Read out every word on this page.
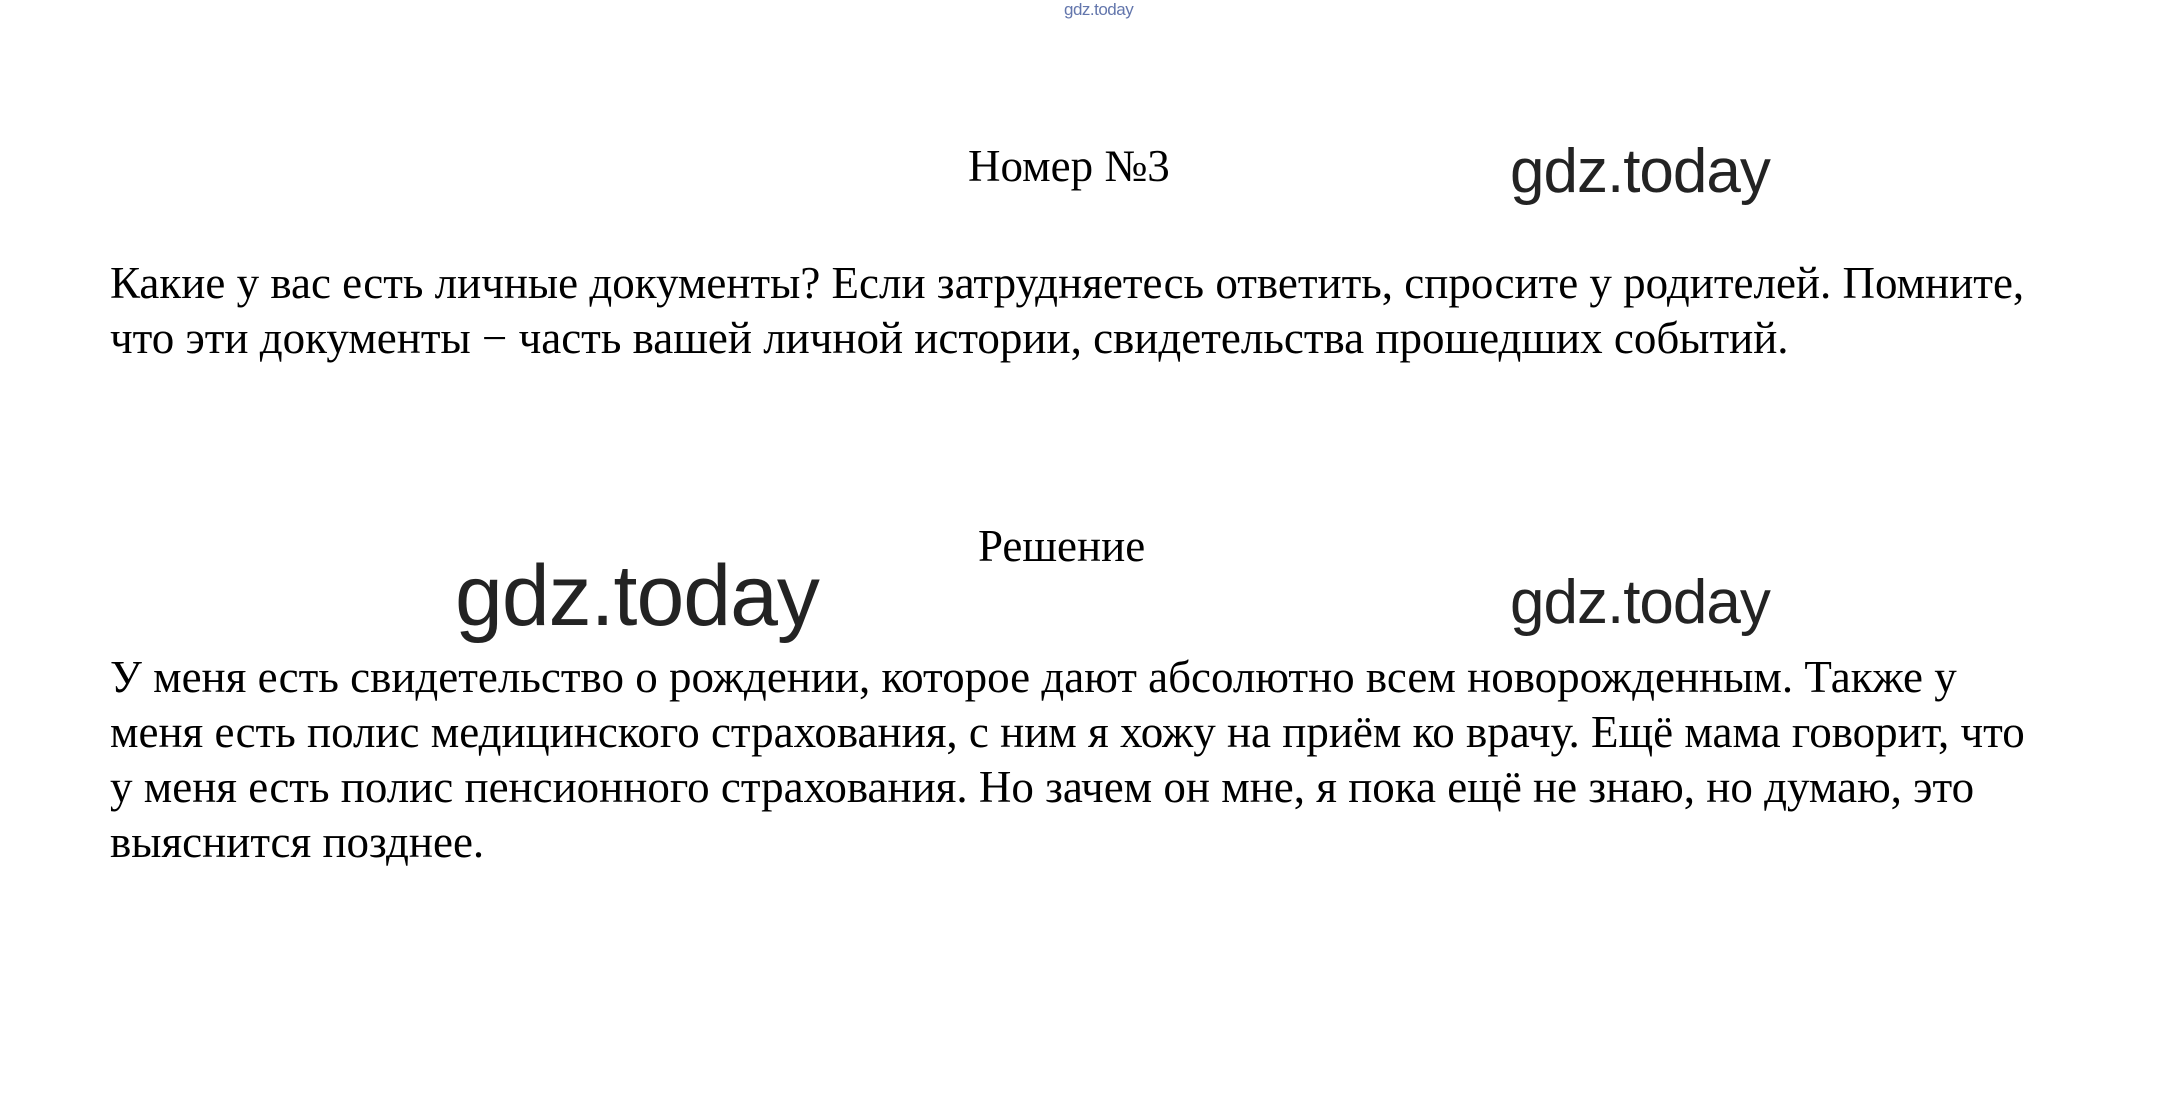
gdz.today
Номер №3	gdz.today
Какие у вас есть личные документы? Если затрудняетесь ответить, спросите у родителей. Помните, что эти документы − часть вашей личной истории, свидетельства прошедших событий.
Решение
gdz.today	gdz.today
У меня есть свидетельство о рождении, которое дают абсолютно всем новорожденным. Также у меня есть полис медицинского страхования, с ним я хожу на приём ко врачу. Ещё мама говорит, что у меня есть полис пенсионного страхования. Но зачем он мне, я пока ещё не знаю, но думаю, это выяснится позднее.
